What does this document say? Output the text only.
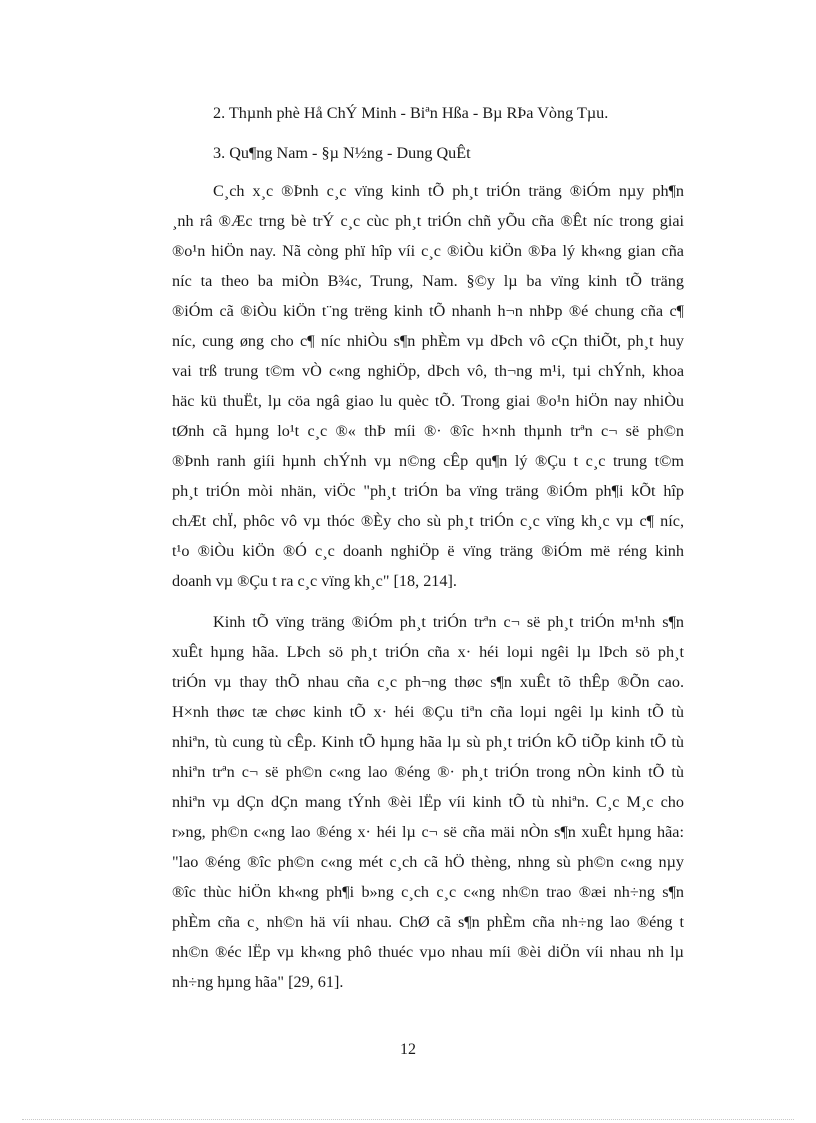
2. Thµnh phè Hå ChÝ Minh - Biªn Hßa - Bµ RÞa Vòng Tµu.

3. Qu¶ng Nam - §µ N½ng - Dung QuÊt

C¸ch x¸c ®Þnh c¸c vïng kinh tÕ ph¸t triÓn träng ®iÓm nµy ph¶n

¸nh râ ®Æc trng bè trÝ c¸c cùc ph¸t triÓn chñ yÕu cña ®Êt níc trong giai

®o¹n hiÖn nay. Nã còng phï hîp víi c¸c ®iÒu kiÖn ®Þa lý kh«ng gian cña

níc ta theo ba miÒn B¾c, Trung, Nam. §©y lµ ba vïng kinh tÕ träng

®iÓm cã ®iÒu kiÖn t¨ng trëng kinh tÕ nhanh h¬n nhÞp ®é chung cña c¶

níc, cung øng cho c¶ níc nhiÒu s¶n phÈm vµ dÞch vô cÇn thiÕt, ph¸t huy

vai trß trung t©m vÒ c«ng nghiÖp, dÞch vô, th¬ng m¹i, tµi chÝnh, khoa

häc kü thuËt, lµ cöa ngâ giao lu quèc tÕ. Trong giai ®o¹n hiÖn nay nhiÒu

tØnh cã hµng lo¹t c¸c ®« thÞ míi ®· ®îc h×nh thµnh trªn c¬ së ph©n

®Þnh ranh giíi hµnh chÝnh vµ n©ng cÊp qu¶n lý ®Çu t c¸c trung t©m

ph¸t triÓn mòi nhän, viÖc "ph¸t triÓn ba vïng träng ®iÓm ph¶i kÕt hîp

chÆt chÏ, phôc vô vµ thóc ®Èy cho sù ph¸t triÓn c¸c vïng kh¸c vµ c¶ níc,

t¹o ®iÒu kiÖn ®Ó c¸c doanh nghiÖp ë vïng träng ®iÓm më réng kinh

doanh vµ ®Çu t ra c¸c vïng kh¸c" [18, 214].

Kinh tÕ vïng träng ®iÓm ph¸t triÓn trªn c¬ së ph¸t triÓn m¹nh s¶n

xuÊt hµng hãa. LÞch sö ph¸t triÓn cña x· héi loµi ngêi lµ lÞch sö ph¸t

triÓn vµ thay thÕ nhau cña c¸c ph¬ng thøc s¶n xuÊt tõ thÊp ®Õn cao.

H×nh thøc tæ chøc kinh tÕ x· héi ®Çu tiªn cña loµi ngêi lµ kinh tÕ tù

nhiªn, tù cung tù cÊp. Kinh tÕ hµng hãa lµ sù ph¸t triÓn kÕ tiÕp kinh tÕ tù

nhiªn trªn c¬ së ph©n c«ng lao ®éng ®· ph¸t triÓn trong nÒn kinh tÕ tù

nhiªn vµ dÇn dÇn mang tÝnh ®èi lËp víi kinh tÕ tù nhiªn. C¸c M¸c cho

r»ng, ph©n c«ng lao ®éng x· héi lµ c¬ së cña mäi nÒn s¶n xuÊt hµng hãa:

"lao ®éng ®îc ph©n c«ng mét c¸ch cã hÖ thèng, nhng sù ph©n c«ng nµy

®îc thùc hiÖn kh«ng ph¶i b»ng c¸ch c¸c c«ng nh©n trao ®æi nh÷ng s¶n

phÈm cña c¸ nh©n hä víi nhau. ChØ cã s¶n phÈm cña nh÷ng lao ®éng t

nh©n ®éc lËp vµ kh«ng phô thuéc vµo nhau míi ®èi diÖn víi nhau nh lµ

nh÷ng hµng hãa" [29, 61].

12
